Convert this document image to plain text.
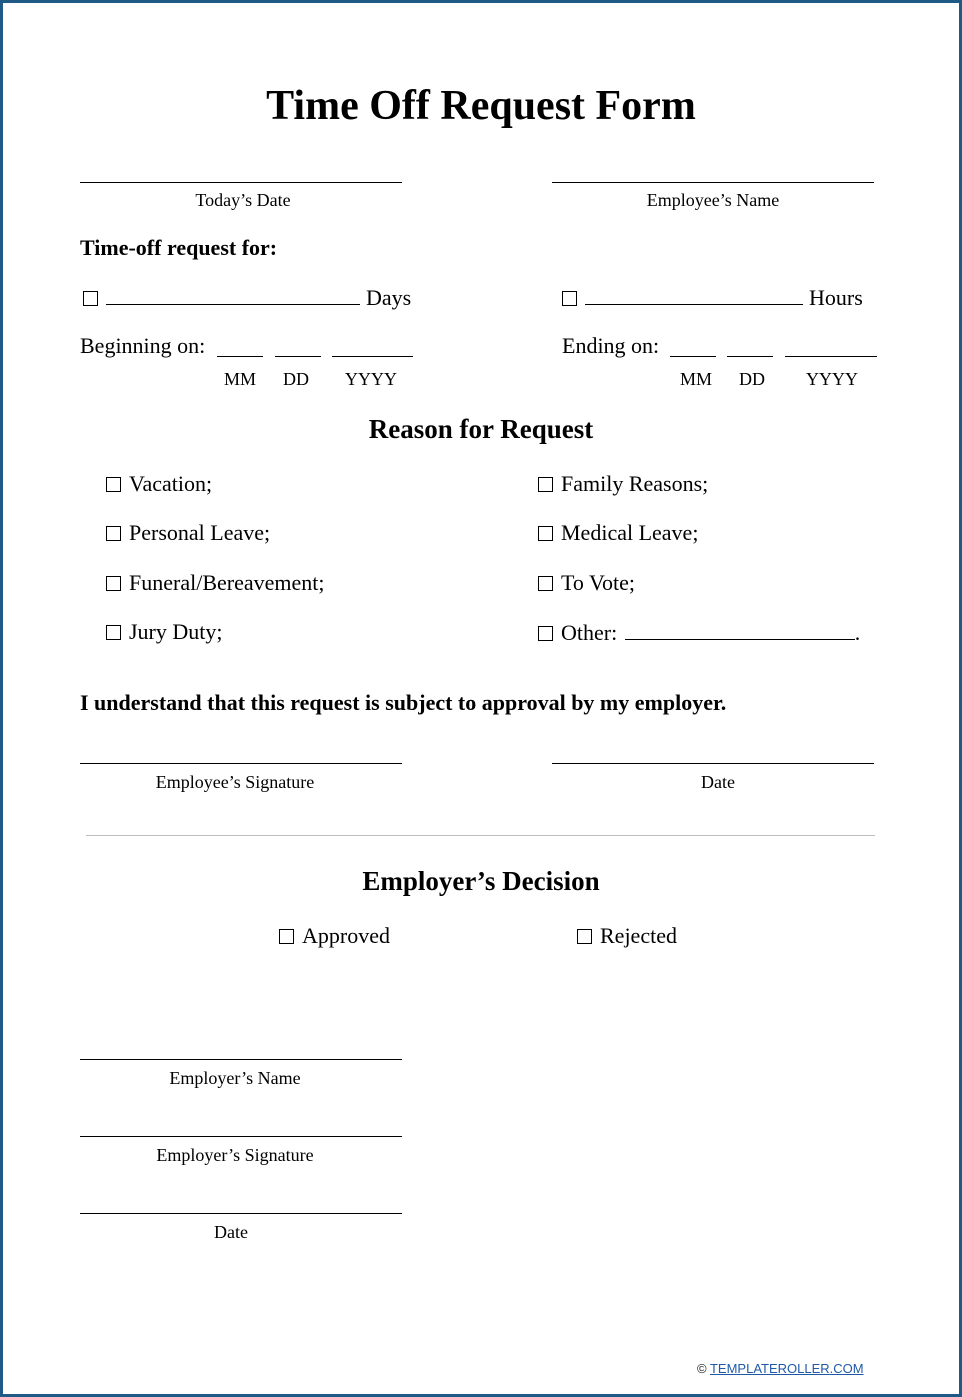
Time Off Request Form
Today’s Date	Employee’s Name
Time-off request for:
Days	Hours
Beginning on:
MM DD YYYY
Ending on:
MM DD YYYY
Reason for Request
Vacation;	Family Reasons;
Personal Leave;	Medical Leave;
Funeral/Bereavement;	To Vote;
Jury Duty;	Other:	.
I understand that this request is subject to approval by my employer.
Employee’s Signature	Date
Employer’s Decision
Approved	Rejected
Employer’s Name
Employer’s Signature
Date
© TEMPLATEROLLER.COM
